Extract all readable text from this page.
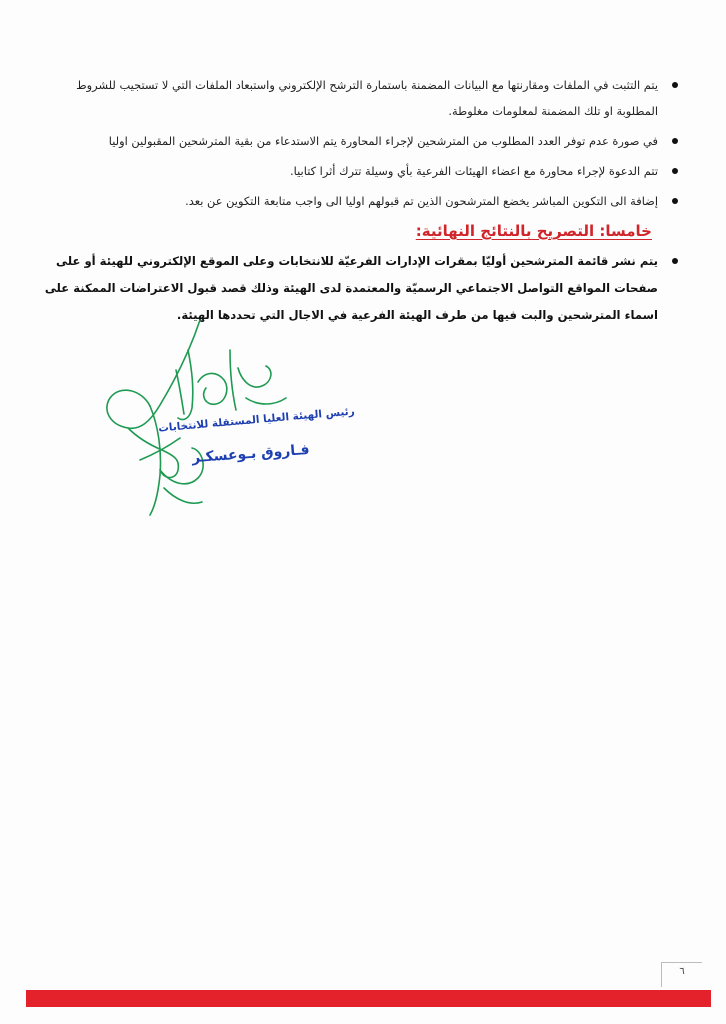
يتم التثبت في الملفات ومقارنتها مع البيانات المضمنة باستمارة الترشح الإلكتروني واستبعاد الملفات التي لا تستجيب للشروط المطلوبة او تلك المضمنة لمعلومات مغلوطة.
في صورة عدم توفر العدد المطلوب من المترشحين لإجراء المحاورة يتم الاستدعاء من بقية المترشحين المقبولين اوليا
تتم الدعوة لإجراء محاورة مع اعضاء الهيئات الفرعية بأي وسيلة تترك أثرا كتابيا.
إضافة الى التكوين المباشر يخضع المترشحون الذين تم قبولهم اوليا الى واجب متابعة التكوين عن بعد.
خامسا: التصريح بالنتائج النهائية:
يتم نشر قائمة المترشحين أوليّا بمقرات الإدارات الفرعيّة للانتخابات وعلى الموقع الإلكتروني للهيئة أو على صفحات المواقع التواصل الاجتماعي الرسميّة والمعتمدة لدى الهيئة وذلك قصد قبول الاعتراضات الممكنة على اسماء المترشحين والبت فيها من طرف الهيئة الفرعية في الاجال التي تحددها الهيئة.
رئيس الهيئة العليا المستقلة للانتخابات
فـاروق بـوعسكـر
٦
